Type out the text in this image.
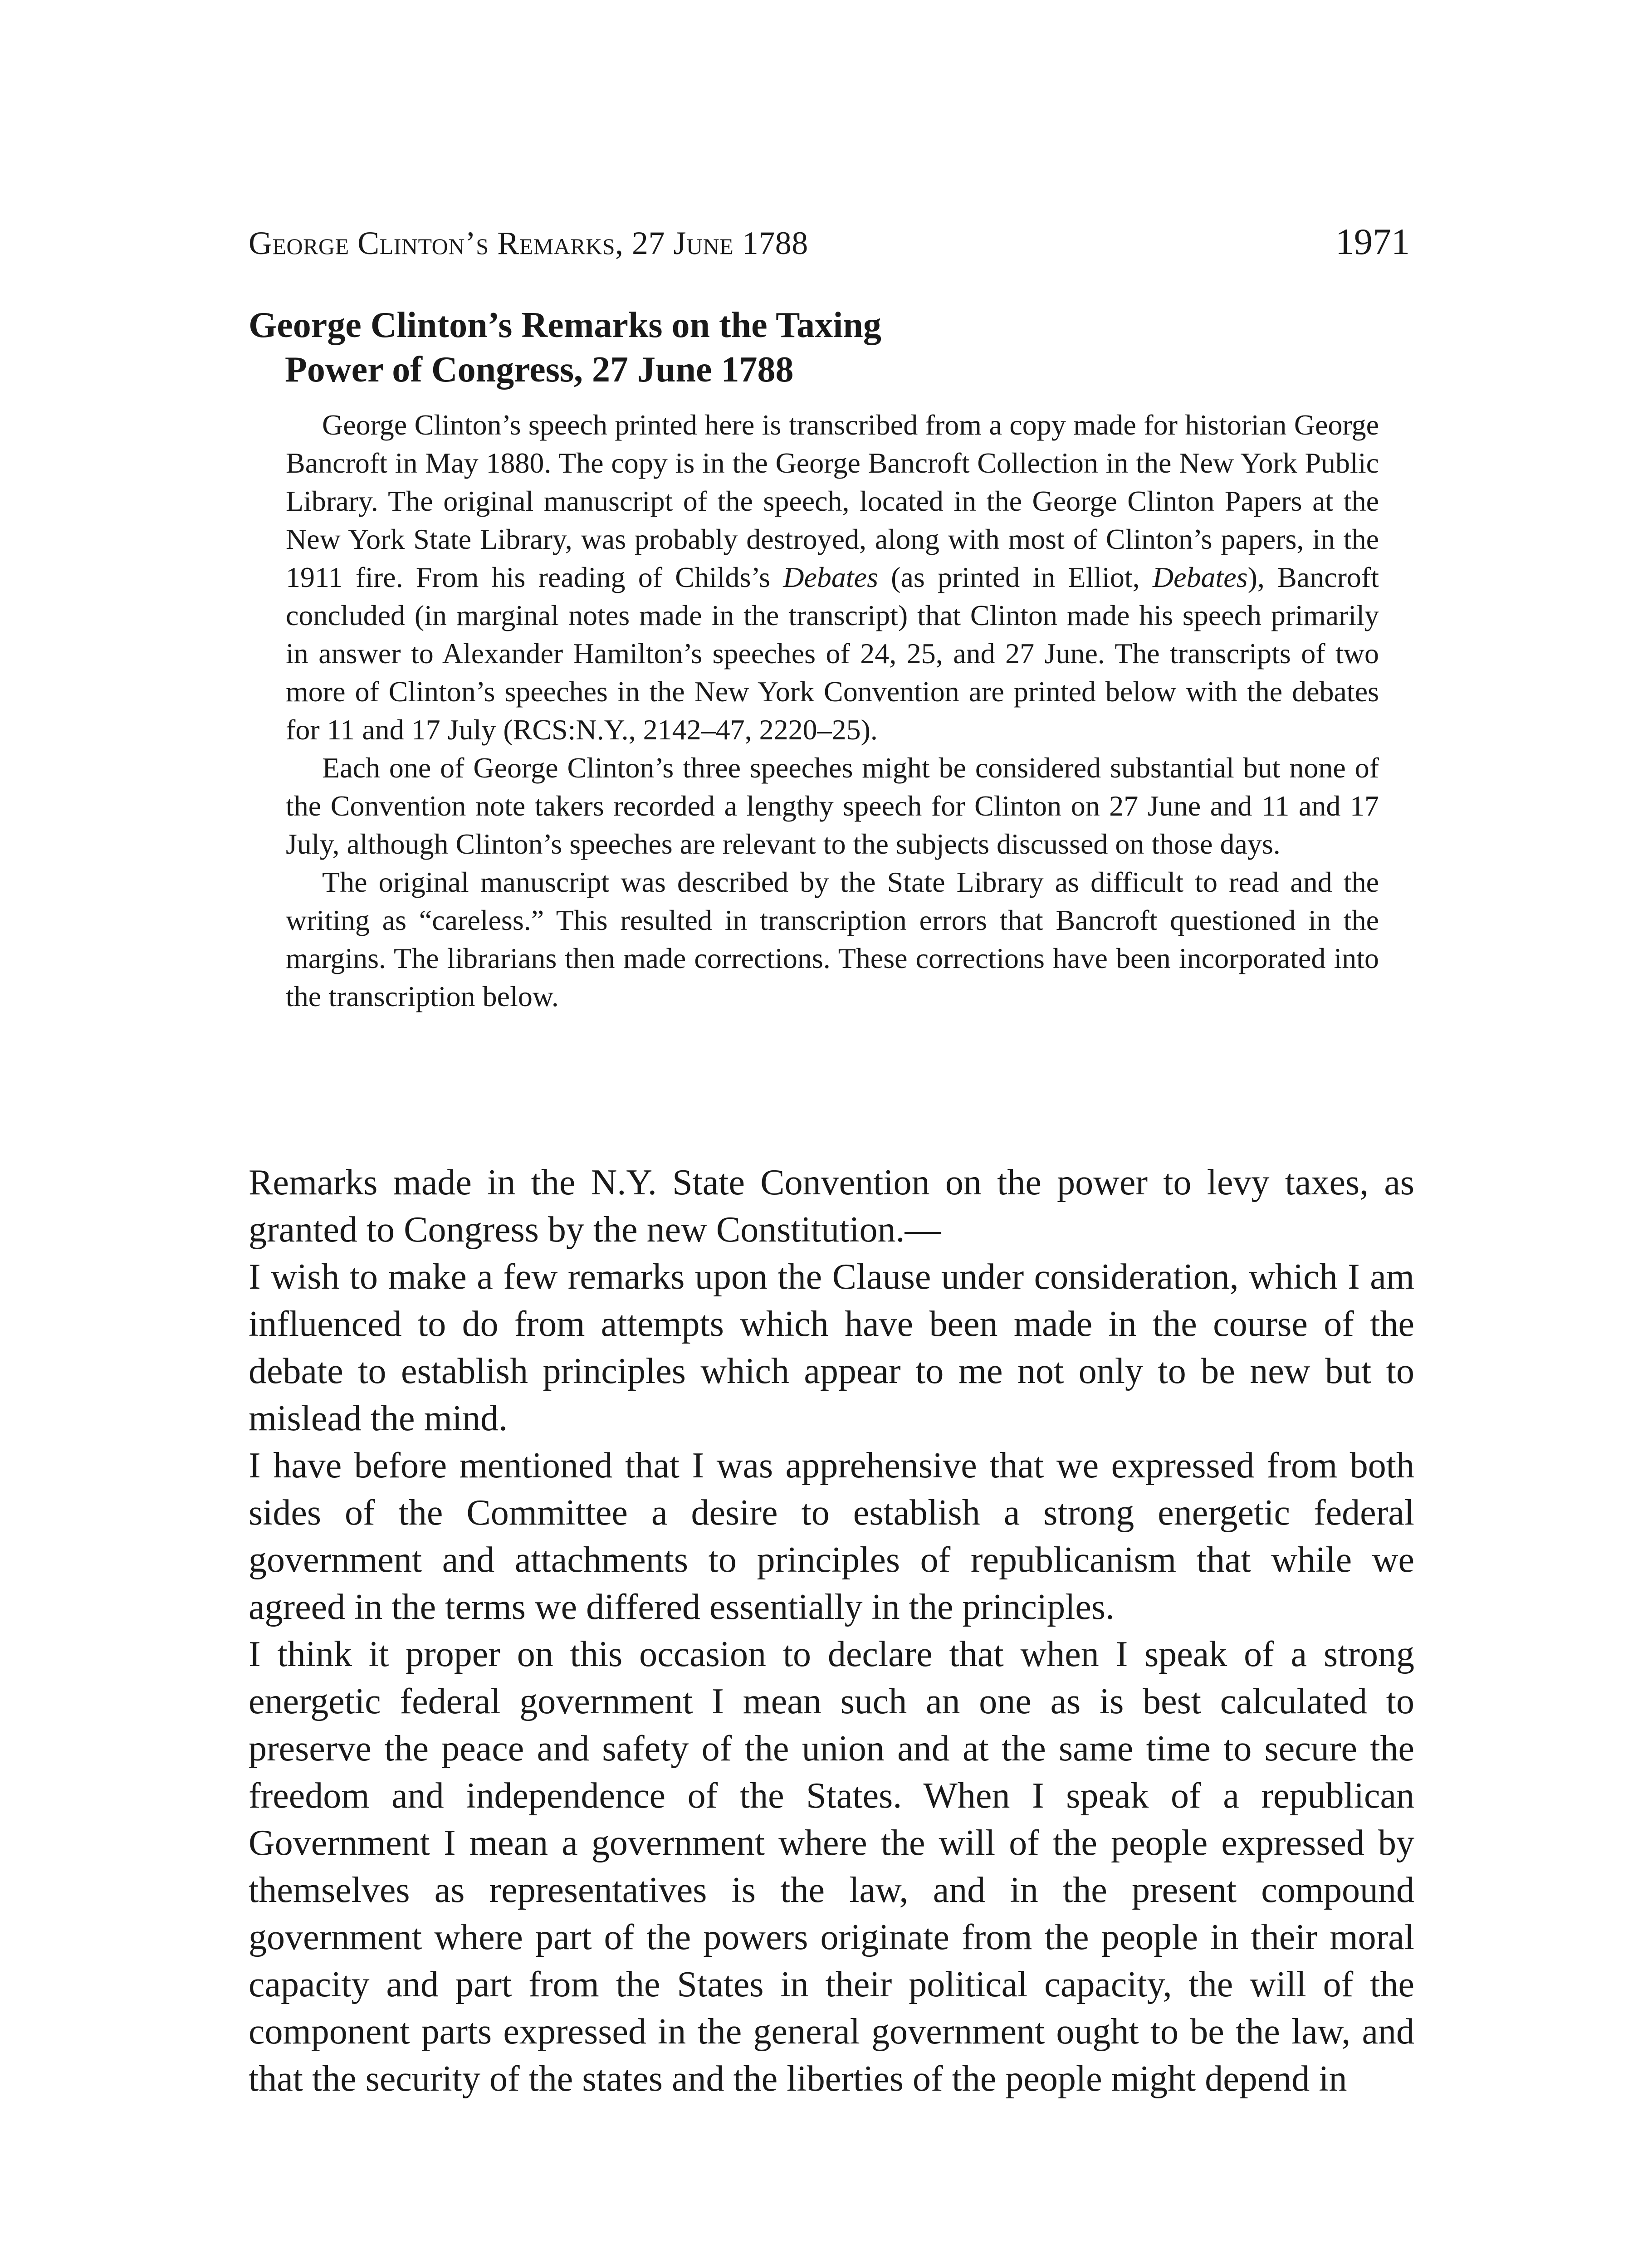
George Clinton’s Remarks, 27 June 1788	1971
George Clinton’s Remarks on the Taxing
Power of Congress, 27 June 1788

George Clinton’s speech printed here is transcribed from a copy made for historian George Bancroft in May 1880. The copy is in the George Bancroft Collection in the New York Public Library. The original manuscript of the speech, located in the George Clinton Papers at the New York State Library, was probably destroyed, along with most of Clinton’s papers, in the 1911 fire. From his reading of Childs’s Debates (as printed in Elliot, Debates), Bancroft concluded (in marginal notes made in the transcript) that Clinton made his speech primarily in answer to Alexander Hamilton’s speeches of 24, 25, and 27 June. The transcripts of two more of Clinton’s speeches in the New York Convention are printed below with the debates for 11 and 17 July (RCS:N.Y., 2142–47, 2220–25).

Each one of George Clinton’s three speeches might be considered substantial but none of the Convention note takers recorded a lengthy speech for Clinton on 27 June and 11 and 17 July, although Clinton’s speeches are relevant to the subjects discussed on those days.

The original manuscript was described by the State Library as difficult to read and the writing as “careless.” This resulted in transcription errors that Bancroft questioned in the margins. The librarians then made corrections. These corrections have been incorporated into the transcription below.

Remarks made in the N.Y. State Convention on the power to levy taxes, as granted to Congress by the new Constitution.—

I wish to make a few remarks upon the Clause under consideration, which I am influenced to do from attempts which have been made in the course of the debate to establish principles which appear to me not only to be new but to mislead the mind.

I have before mentioned that I was apprehensive that we expressed from both sides of the Committee a desire to establish a strong energetic federal government and attachments to principles of republicanism that while we agreed in the terms we differed essentially in the principles.

I think it proper on this occasion to declare that when I speak of a strong energetic federal government I mean such an one as is best calculated to preserve the peace and safety of the union and at the same time to secure the freedom and independence of the States. When I speak of a republican Government I mean a government where the will of the people expressed by themselves as representatives is the law, and in the present compound government where part of the powers originate from the people in their moral capacity and part from the States in their political capacity, the will of the component parts expressed in the general government ought to be the law, and that the security of the states and the liberties of the people might depend in
